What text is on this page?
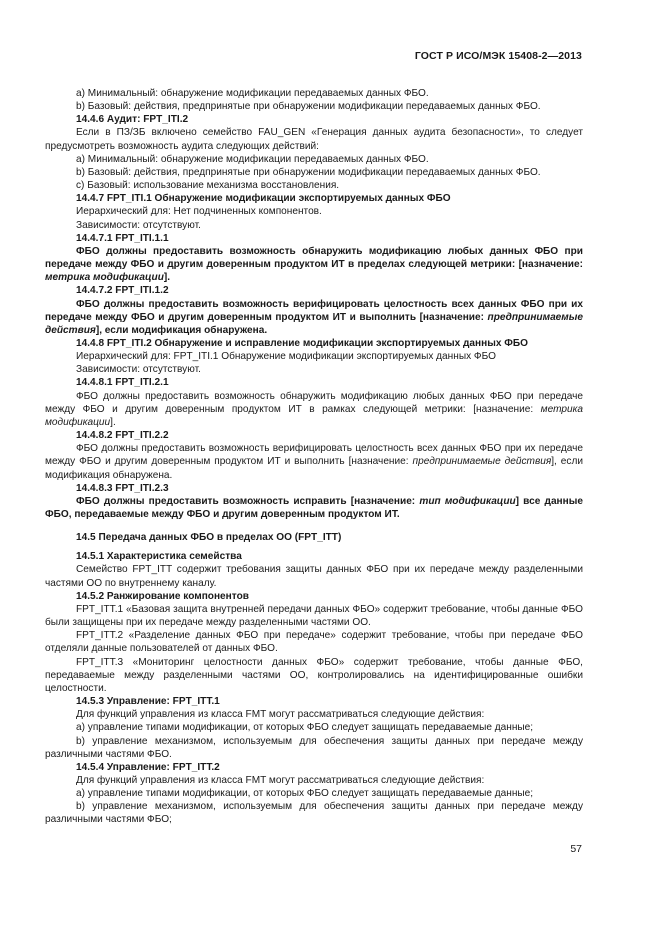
ГОСТ Р ИСО/МЭК 15408-2—2013

а) Минимальный: обнаружение модификации передаваемых данных ФБО.

b) Базовый: действия, предпринятые при обнаружении модификации передаваемых данных ФБО.

14.4.6 Аудит: FPT_ITI.2

Если в ПЗ/ЗБ включено семейство FAU_GEN «Генерация данных аудита безопасности», то следует предусмотреть возможность аудита следующих действий:

а) Минимальный: обнаружение модификации передаваемых данных ФБО.

b) Базовый: действия, предпринятые при обнаружении модификации передаваемых данных ФБО.

с) Базовый: использование механизма восстановления.

14.4.7 FPT_ITI.1 Обнаружение модификации экспортируемых данных ФБО

Иерархический для: Нет подчиненных компонентов.

Зависимости: отсутствуют.

14.4.7.1 FPT_ITI.1.1

ФБО должны предоставить возможность обнаружить модификацию любых данных ФБО при передаче между ФБО и другим доверенным продуктом ИТ в пределах следующей метрики: [назначение: метрика модификации].

14.4.7.2 FPT_ITI.1.2

ФБО должны предоставить возможность верифицировать целостность всех данных ФБО при их передаче между ФБО и другим доверенным продуктом ИТ и выполнить [назначение: предпринимаемые действия], если модификация обнаружена.

14.4.8 FPT_ITI.2 Обнаружение и исправление модификации экспортируемых данных ФБО

Иерархический для: FPT_ITI.1 Обнаружение модификации экспортируемых данных ФБО

Зависимости: отсутствуют.

14.4.8.1 FPT_ITI.2.1

ФБО должны предоставить возможность обнаружить модификацию любых данных ФБО при передаче между ФБО и другим доверенным продуктом ИТ в рамках следующей метрики: [назначение: метрика модификации].

14.4.8.2 FPT_ITI.2.2

ФБО должны предоставить возможность верифицировать целостность всех данных ФБО при их передаче между ФБО и другим доверенным продуктом ИТ и выполнить [назначение: предпринимаемые действия], если модификация обнаружена.

14.4.8.3 FPT_ITI.2.3

ФБО должны предоставить возможность исправить [назначение: тип модификации] все данные ФБО, передаваемые между ФБО и другим доверенным продуктом ИТ.

14.5 Передача данных ФБО в пределах ОО (FPT_ITT)

14.5.1 Характеристика семейства

Семейство FPT_ITT содержит требования защиты данных ФБО при их передаче между разделенными частями ОО по внутреннему каналу.

14.5.2 Ранжирование компонентов

FPT_ITT.1 «Базовая защита внутренней передачи данных ФБО» содержит требование, чтобы данные ФБО были защищены при их передаче между разделенными частями ОО.

FPT_ITT.2 «Разделение данных ФБО при передаче» содержит требование, чтобы при передаче ФБО отделяли данные пользователей от данных ФБО.

FPT_ITT.3 «Мониторинг целостности данных ФБО» содержит требование, чтобы данные ФБО, передаваемые между разделенными частями ОО, контролировались на идентифицированные ошибки целостности.

14.5.3 Управление: FPT_ITT.1

Для функций управления из класса FMT могут рассматриваться следующие действия:

а) управление типами модификации, от которых ФБО следует защищать передаваемые данные;

b) управление механизмом, используемым для обеспечения защиты данных при передаче между различными частями ФБО.

14.5.4 Управление: FPT_ITT.2

Для функций управления из класса FMT могут рассматриваться следующие действия:

а) управление типами модификации, от которых ФБО следует защищать передаваемые данные;

b) управление механизмом, используемым для обеспечения защиты данных при передаче между различными частями ФБО;

57
